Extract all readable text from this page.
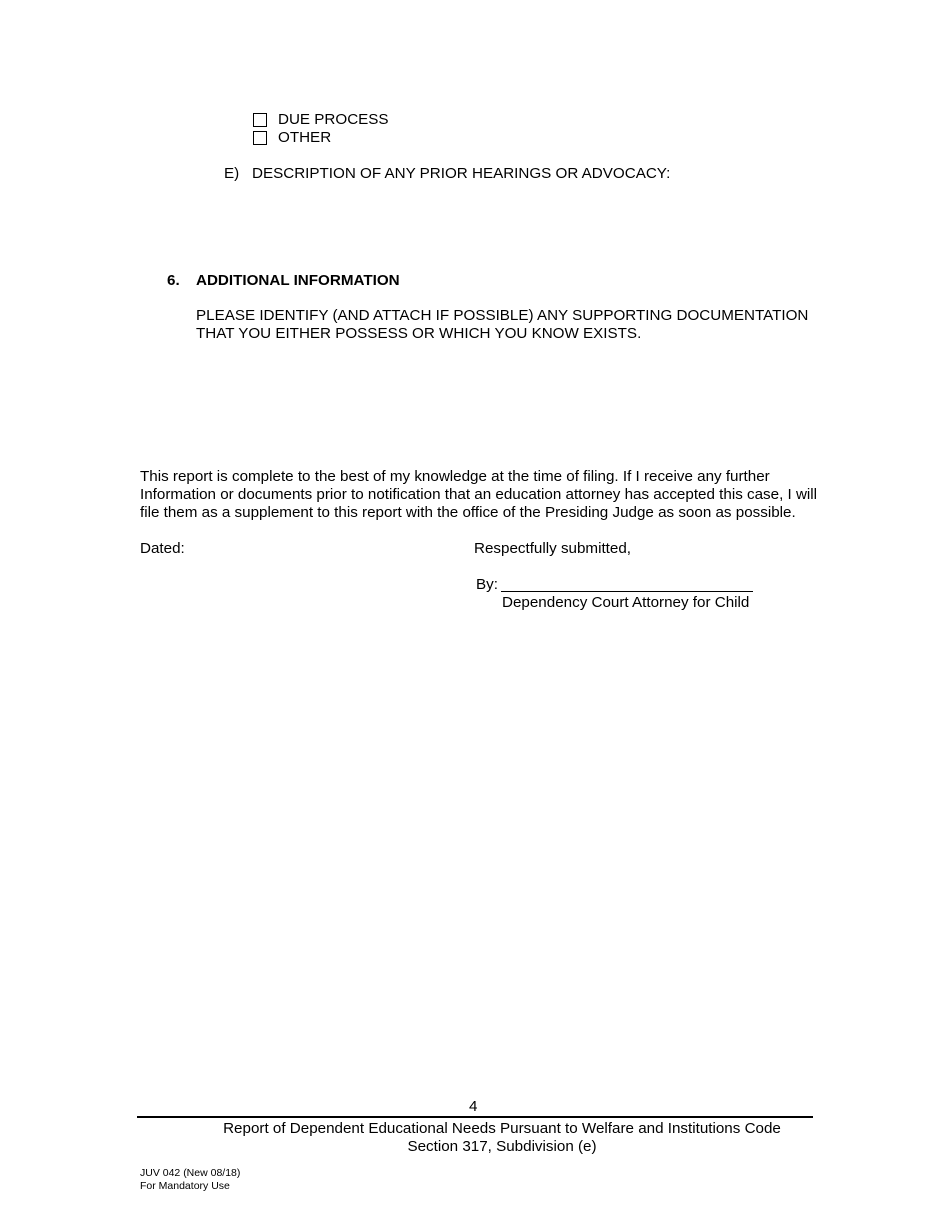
DUE PROCESS
OTHER
E) DESCRIPTION OF ANY PRIOR HEARINGS OR ADVOCACY:
6. ADDITIONAL INFORMATION
PLEASE IDENTIFY (AND ATTACH IF POSSIBLE) ANY SUPPORTING DOCUMENTATION
THAT YOU EITHER POSSESS OR WHICH YOU KNOW EXISTS.
This report is complete to the best of my knowledge at the time of filing. If I receive any further
Information or documents prior to notification that an education attorney has accepted this case, I will
file them as a supplement to this report with the office of the Presiding Judge as soon as possible.
Dated:	Respectfully submitted,
By:
Dependency Court Attorney for Child
4
Report of Dependent Educational Needs Pursuant to Welfare and Institutions Code
Section 317, Subdivision (e)
JUV 042 (New 08/18)
For Mandatory Use
